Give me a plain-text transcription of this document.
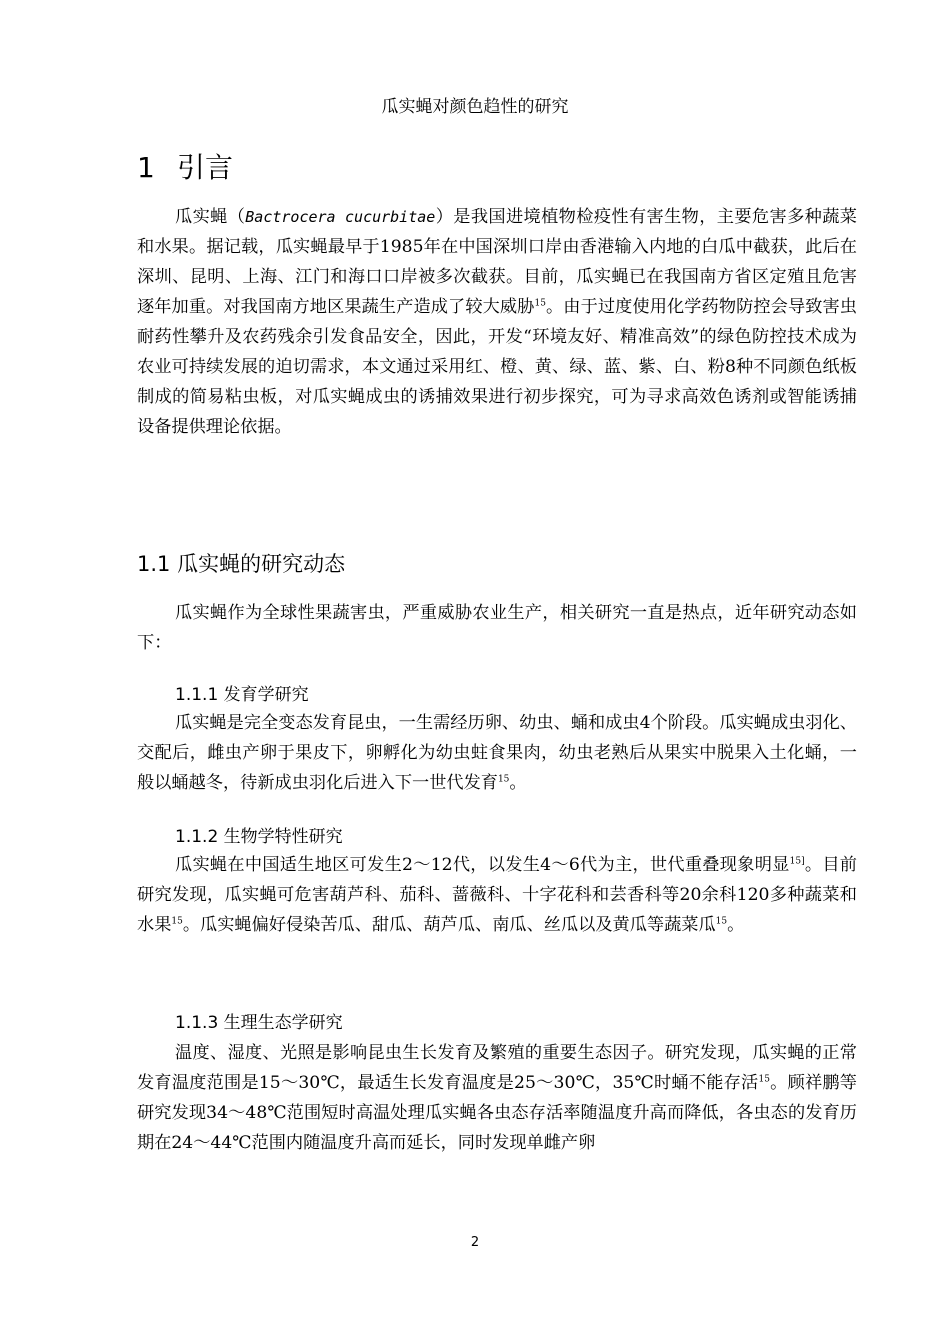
瓜实蝇对颜色趋性的研究
1 引言

瓜实蝇（Bactrocera cucurbitae）是我国进境植物检疫性有害生物，主要危害多种蔬菜和水果。据记载，瓜实蝇最早于1985年在中国深圳口岸由香港输入内地的白瓜中截获，此后在深圳、昆明、上海、江门和海口口岸被多次截获。目前，瓜实蝇已在我国南方省区定殖且危害逐年加重。对我国南方地区果蔬生产造成了较大威胁$^{15}$。由于过度使用化学药物防控会导致害虫耐药性攀升及农药残余引发食品安全，因此，开发“环境友好、精准高效”的绿色防控技术成为农业可持续发展的迫切需求，本文通过采用红、橙、黄、绿、蓝、紫、白、粉8种不同颜色纸板制成的简易粘虫板，对瓜实蝇成虫的诱捕效果进行初步探究，可为寻求高效色诱剂或智能诱捕设备提供理论依据。

1.1 瓜实蝇的研究动态

瓜实蝇作为全球性果蔬害虫，严重威胁农业生产，相关研究一直是热点，近年研究动态如下：

1.1.1 发育学研究

瓜实蝇是完全变态发育昆虫，一生需经历卵、幼虫、蛹和成虫4个阶段。瓜实蝇成虫羽化、交配后，雌虫产卵于果皮下，卵孵化为幼虫蛀食果肉，幼虫老熟后从果实中脱果入土化蛹，一般以蛹越冬，待新成虫羽化后进入下一世代发育$^{15}$。

1.1.2 生物学特性研究

瓜实蝇在中国适生地区可发生2～12代，以发生4～6代为主，世代重叠现象明显$^{15]}$。目前研究发现，瓜实蝇可危害葫芦科、茄科、蔷薇科、十字花科和芸香科等20余科120多种蔬菜和水果$^{15}$。瓜实蝇偏好侵染苦瓜、甜瓜、葫芦瓜、南瓜、丝瓜以及黄瓜等蔬菜瓜$^{15}$。

1.1.3 生理生态学研究

温度、湿度、光照是影响昆虫生长发育及繁殖的重要生态因子。研究发现，瓜实蝇的正常发育温度范围是15～30℃，最适生长发育温度是25～30℃，35℃时蛹不能存活$^{15}$。顾祥鹏等研究发现34～48℃范围短时高温处理瓜实蝇各虫态存活率随温度升高而降低，各虫态的发育历期在24～44℃范围内随温度升高而延长，同时发现单雌产卵

2
